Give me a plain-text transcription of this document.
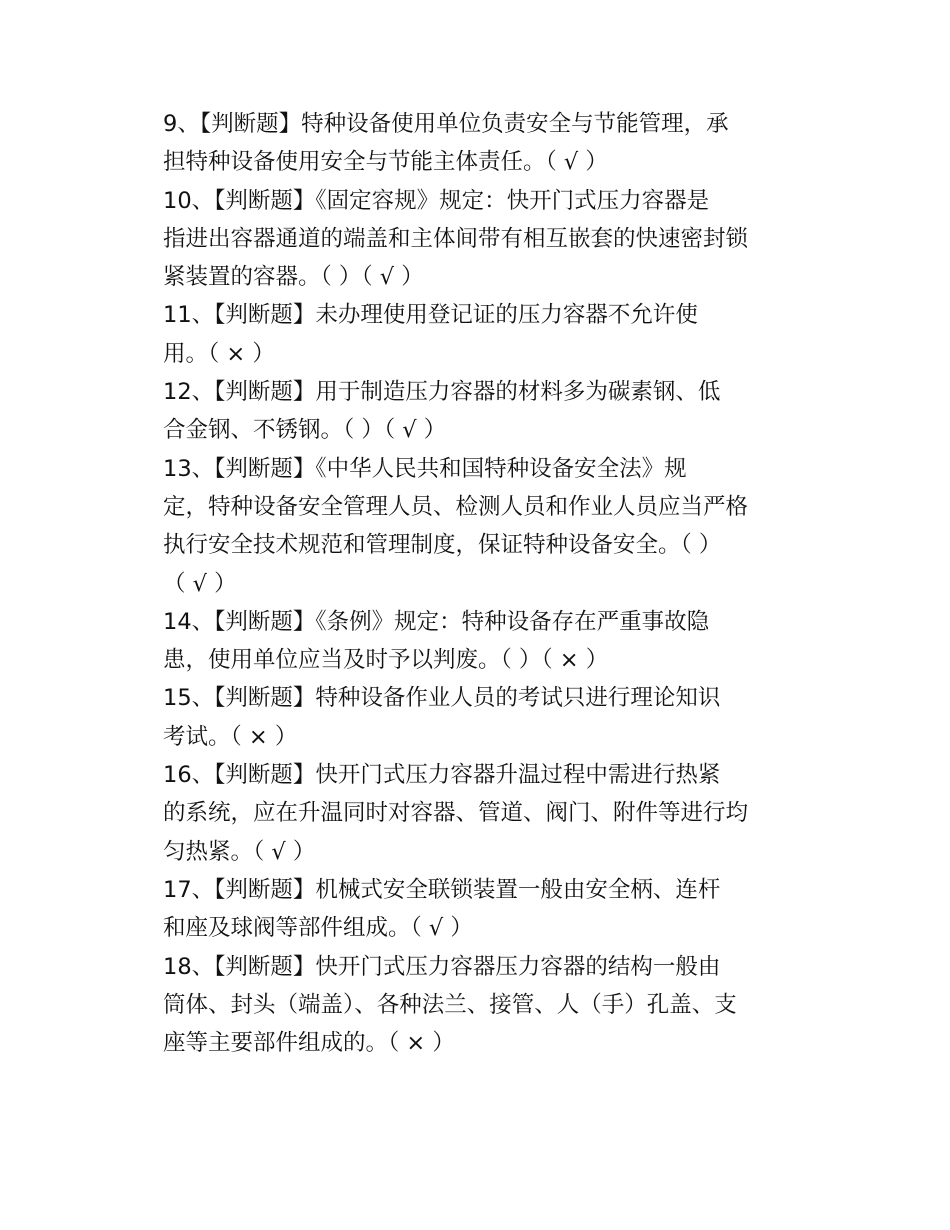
9、【判断题】特种设备使用单位负责安全与节能管理，承
担特种设备使用安全与节能主体责任。（ √ ）
10、【判断题】《固定容规》规定：快开门式压力容器是
指进出容器通道的端盖和主体间带有相互嵌套的快速密封锁
紧装置的容器。（ ）（ √ ）
11、【判断题】未办理使用登记证的压力容器不允许使
用。（ × ）
12、【判断题】用于制造压力容器的材料多为碳素钢、低
合金钢、不锈钢。（ ）（ √ ）
13、【判断题】《中华人民共和国特种设备安全法》规
定，特种设备安全管理人员、检测人员和作业人员应当严格
执行安全技术规范和管理制度，保证特种设备安全。（ ）
（ √ ）
14、【判断题】《条例》规定：特种设备存在严重事故隐
患，使用单位应当及时予以判废。（ ）（ × ）
15、【判断题】特种设备作业人员的考试只进行理论知识
考试。（ × ）
16、【判断题】快开门式压力容器升温过程中需进行热紧
的系统，应在升温同时对容器、管道、阀门、附件等进行均
匀热紧。（ √ ）
17、【判断题】机械式安全联锁装置一般由安全柄、连杆
和座及球阀等部件组成。（ √ ）
18、【判断题】快开门式压力容器压力容器的结构一般由
筒体、封头（端盖）、各种法兰、接管、人（手）孔盖、支
座等主要部件组成的。（ × ）
